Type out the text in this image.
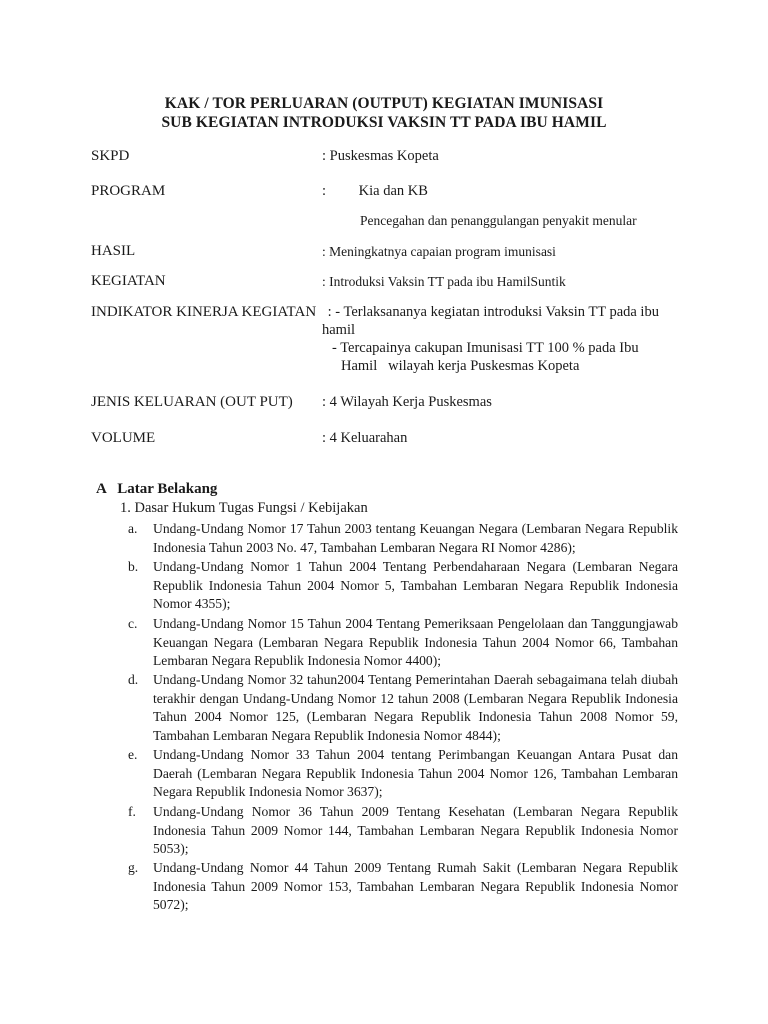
KAK / TOR PERLUARAN (OUTPUT) KEGIATAN IMUNISASI
SUB KEGIATAN INTRODUKSI VAKSIN TT PADA IBU HAMIL
SKPD	: Puskesmas Kopeta
PROGRAM	:         Kia dan KB
Pencegahan dan penanggulangan penyakit menular
HASIL	: Meningkatnya capaian program imunisasi
KEGIATAN	: Introduksi Vaksin TT pada ibu HamilSuntik
INDIKATOR KINERJA KEGIATAN : - Terlaksananya kegiatan introduksi Vaksin TT pada ibu
hamil
- Tercapainya cakupan Imunisasi TT 100 % pada Ibu
Hamil   wilayah kerja Puskesmas Kopeta
JENIS KELUARAN (OUT PUT) : 4 Wilayah Kerja Puskesmas
VOLUME	: 4 Keluarahan
A   Latar Belakang
1. Dasar Hukum Tugas Fungsi / Kebijakan
a. Undang-Undang Nomor 17 Tahun 2003 tentang Keuangan Negara (Lembaran Negara Republik Indonesia Tahun 2003 No. 47, Tambahan Lembaran Negara RI Nomor 4286);
b. Undang-Undang Nomor 1 Tahun 2004 Tentang Perbendaharaan Negara (Lembaran Negara Republik Indonesia Tahun 2004 Nomor 5, Tambahan Lembaran Negara Republik Indonesia Nomor 4355);
c. Undang-Undang Nomor 15 Tahun 2004 Tentang Pemeriksaan Pengelolaan dan Tanggungjawab Keuangan Negara (Lembaran Negara Republik Indonesia Tahun 2004 Nomor 66, Tambahan Lembaran Negara Republik Indonesia Nomor 4400);
d. Undang-Undang Nomor 32 tahun2004 Tentang Pemerintahan Daerah sebagaimana telah diubah terakhir dengan Undang-Undang Nomor 12 tahun 2008 (Lembaran Negara Republik Indonesia Tahun 2004 Nomor 125, (Lembaran Negara Republik Indonesia Tahun 2008 Nomor 59, Tambahan Lembaran Negara Republik Indonesia Nomor 4844);
e. Undang-Undang Nomor 33 Tahun 2004 tentang Perimbangan Keuangan Antara Pusat dan Daerah (Lembaran Negara Republik Indonesia Tahun 2004 Nomor 126, Tambahan Lembaran Negara Republik Indonesia Nomor 3637);
f. Undang-Undang Nomor 36 Tahun 2009 Tentang Kesehatan (Lembaran Negara Republik Indonesia Tahun 2009 Nomor 144, Tambahan Lembaran Negara Republik Indonesia Nomor 5053);
g. Undang-Undang Nomor 44 Tahun 2009 Tentang Rumah Sakit (Lembaran Negara Republik Indonesia Tahun 2009 Nomor 153, Tambahan Lembaran Negara Republik Indonesia Nomor 5072);
